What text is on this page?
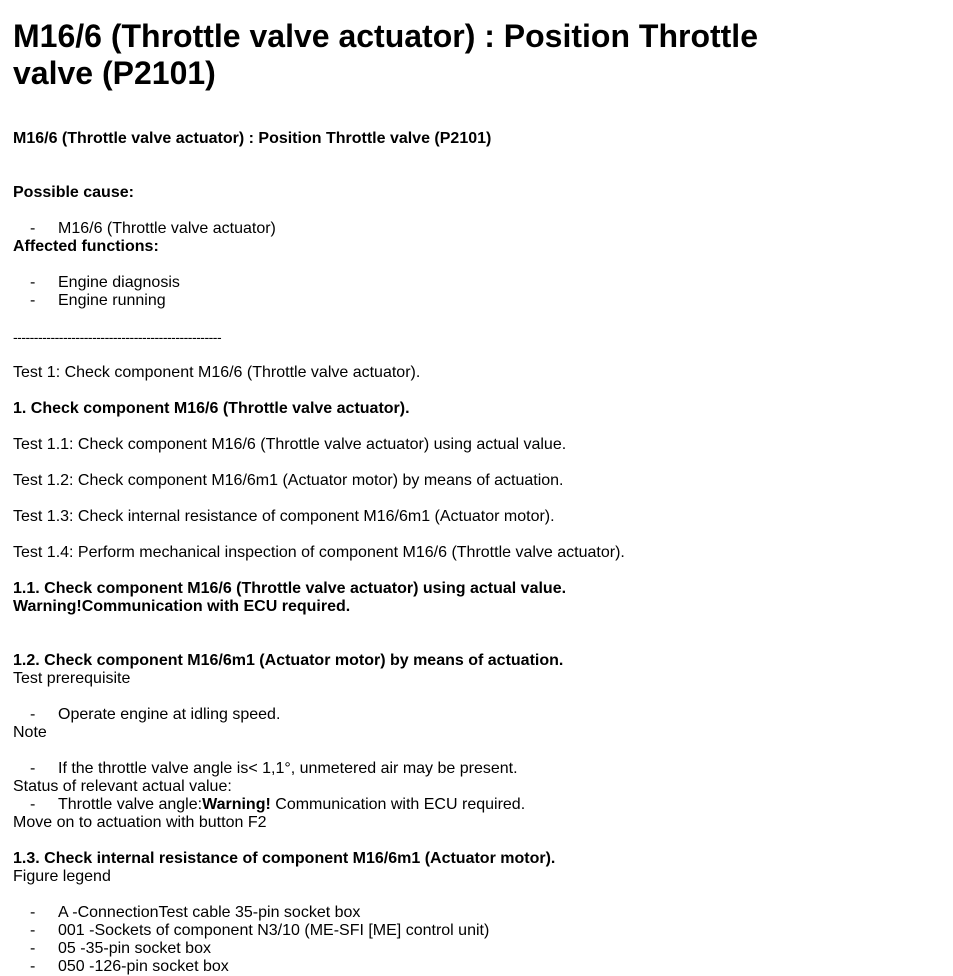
M16/6 (Throttle valve actuator) : Position Throttle valve (P2101)
M16/6 (Throttle valve actuator) : Position Throttle valve (P2101)
Possible cause:
- M16/6 (Throttle valve actuator)
Affected functions:
- Engine diagnosis
- Engine running
--------------------------------------------------
Test 1: Check component M16/6 (Throttle valve actuator).
1. Check component M16/6 (Throttle valve actuator).
Test 1.1: Check component M16/6 (Throttle valve actuator) using actual value.
Test 1.2: Check component M16/6m1 (Actuator motor) by means of actuation.
Test 1.3: Check internal resistance of component M16/6m1 (Actuator motor).
Test 1.4: Perform mechanical inspection of component M16/6 (Throttle valve actuator).
1.1. Check component M16/6 (Throttle valve actuator) using actual value.
Warning!Communication with ECU required.
1.2. Check component M16/6m1 (Actuator motor) by means of actuation.
Test prerequisite
- Operate engine at idling speed.
Note
- If the throttle valve angle is< 1,1°, unmetered air may be present.
Status of relevant actual value:
- Throttle valve angle:Warning! Communication with ECU required.
Move on to actuation with button F2
1.3. Check internal resistance of component M16/6m1 (Actuator motor).
Figure legend
- A -ConnectionTest cable 35-pin socket box
- 001 -Sockets of component N3/10 (ME-SFI [ME] control unit)
- 05 -35-pin socket box
- 050 -126-pin socket box
